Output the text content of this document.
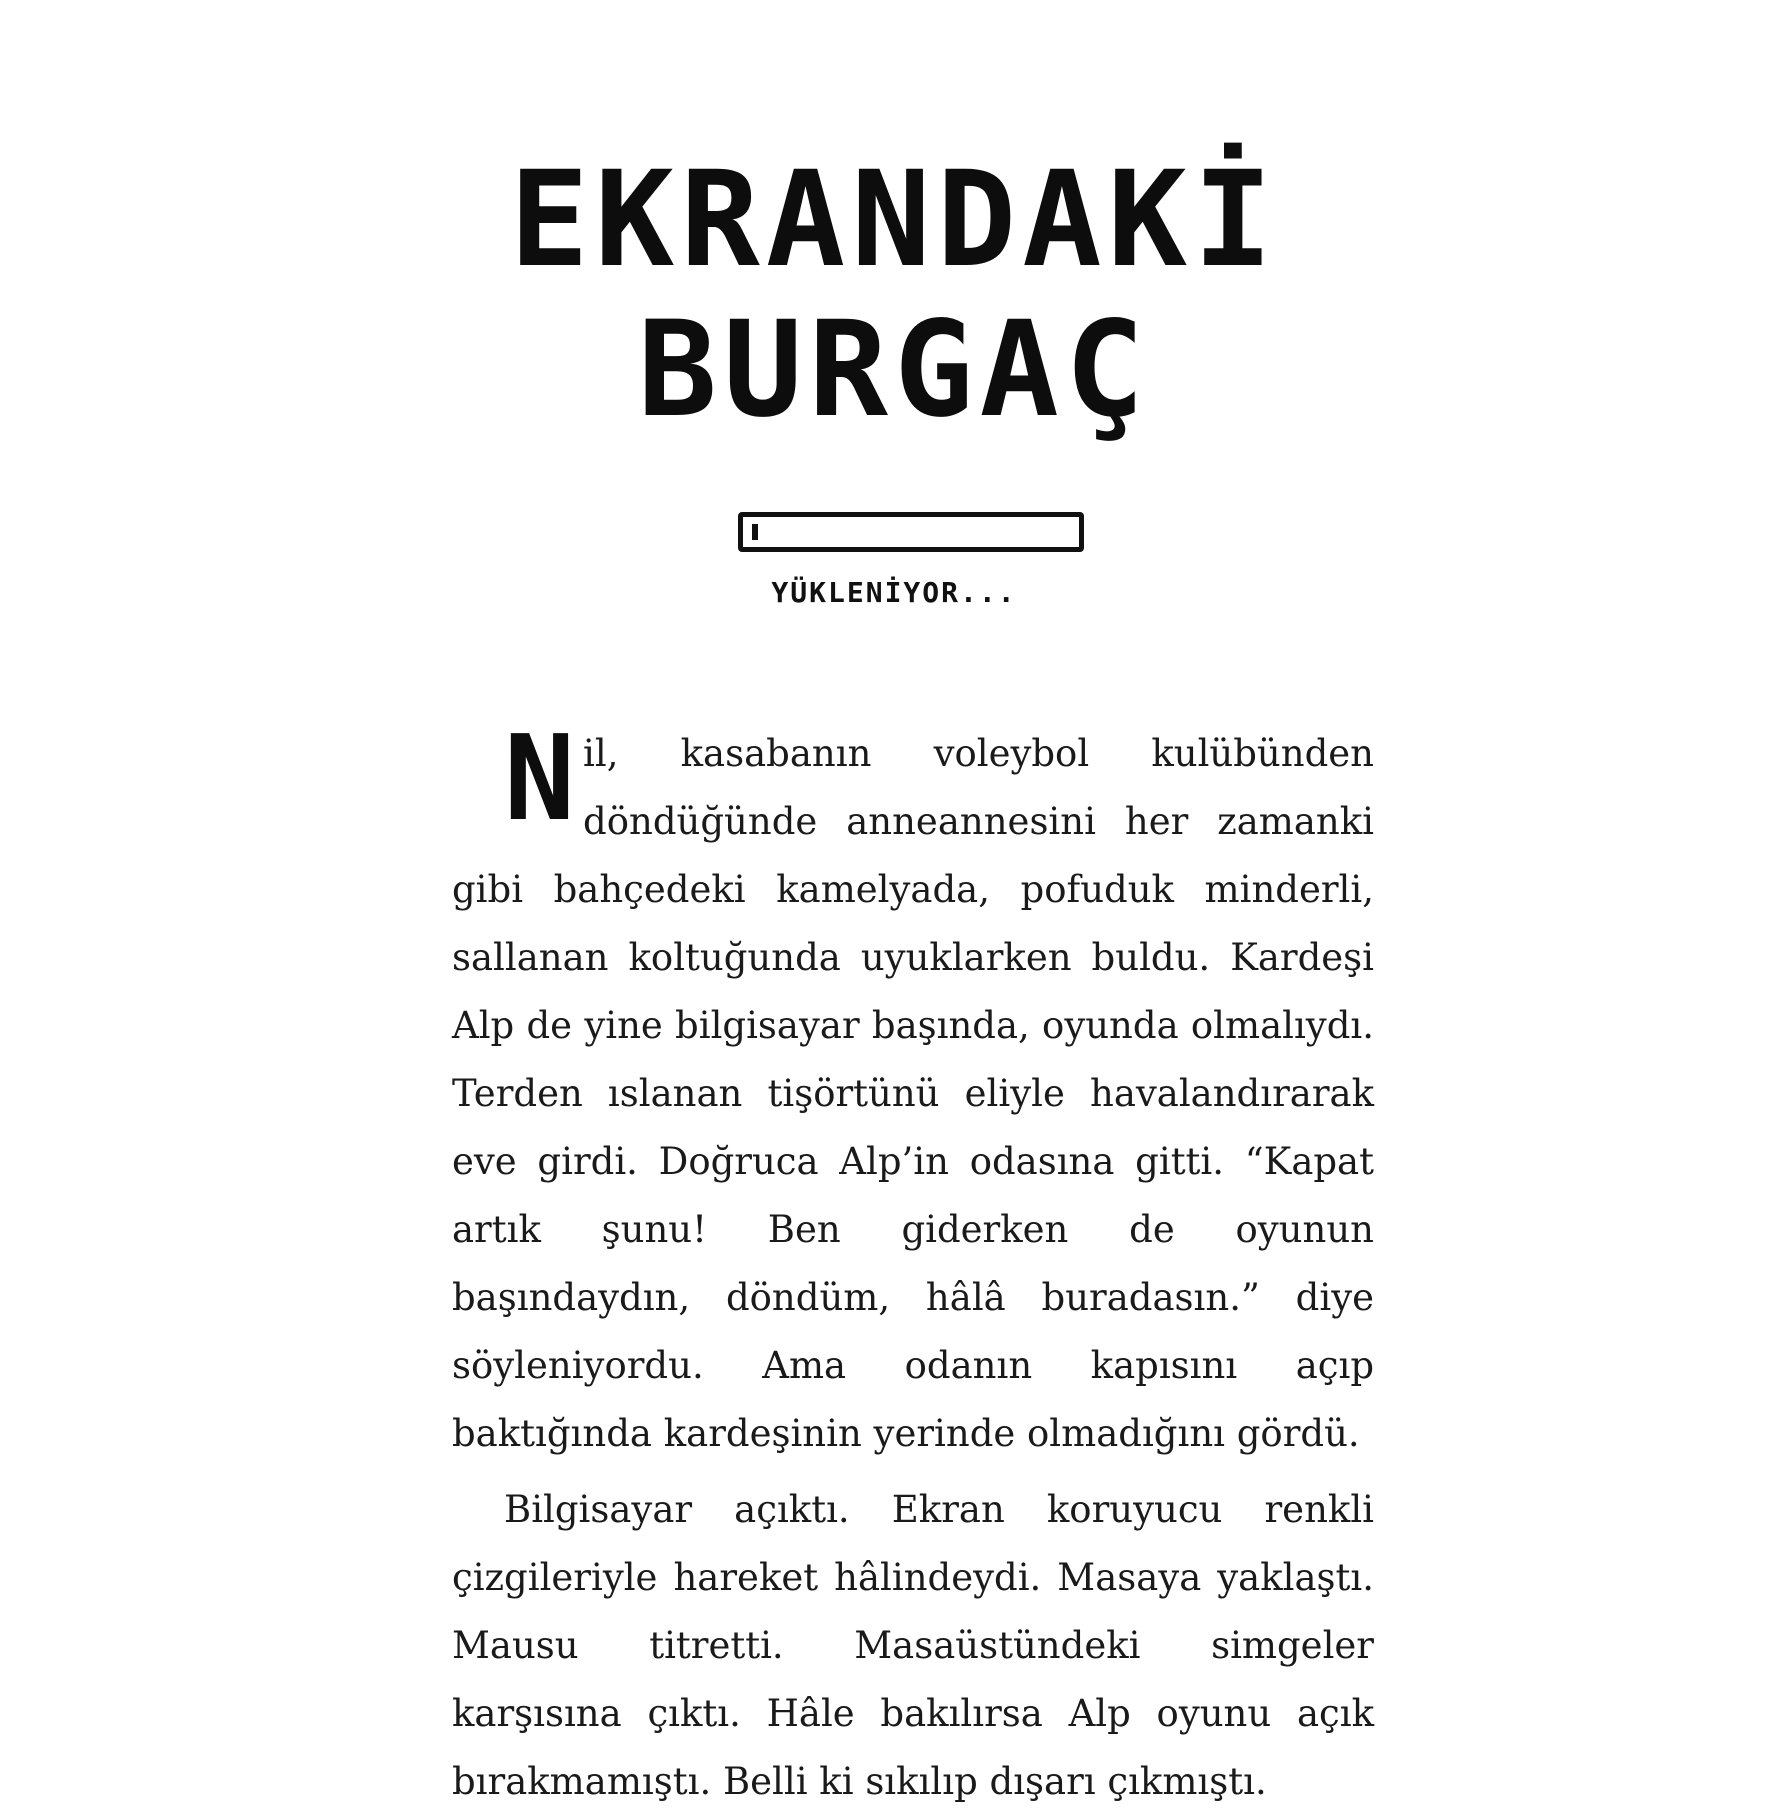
EKRANDAKİ
BURGAÇ
YÜKLENİYOR...

N il, kasabanın voleybol kulübünden döndüğünde anneannesini her zamanki gibi bahçedeki kamelyada, pofuduk minderli, sallanan koltuğunda uyuklarken buldu. Kardeşi Alp de yine bilgisayar başında, oyunda olmalıydı. Terden ıslanan tişörtünü eliyle havalandırarak eve girdi. Doğruca Alp’in odasına gitti. “Kapat artık şunu! Ben giderken de oyunun başındaydın, döndüm, hâlâ buradasın.” diye söyleniyordu. Ama odanın kapısını açıp baktığında kardeşinin yerinde olmadığını gördü.

Bilgisayar açıktı. Ekran koruyucu renkli çizgileriyle hareket hâlindeydi. Masaya yaklaştı. Mausu titretti. Masaüstündeki simgeler karşısına çıktı. Hâle bakılırsa Alp oyunu açık bırakmamıştı. Belli ki sıkılıp dışarı çıkmıştı.
